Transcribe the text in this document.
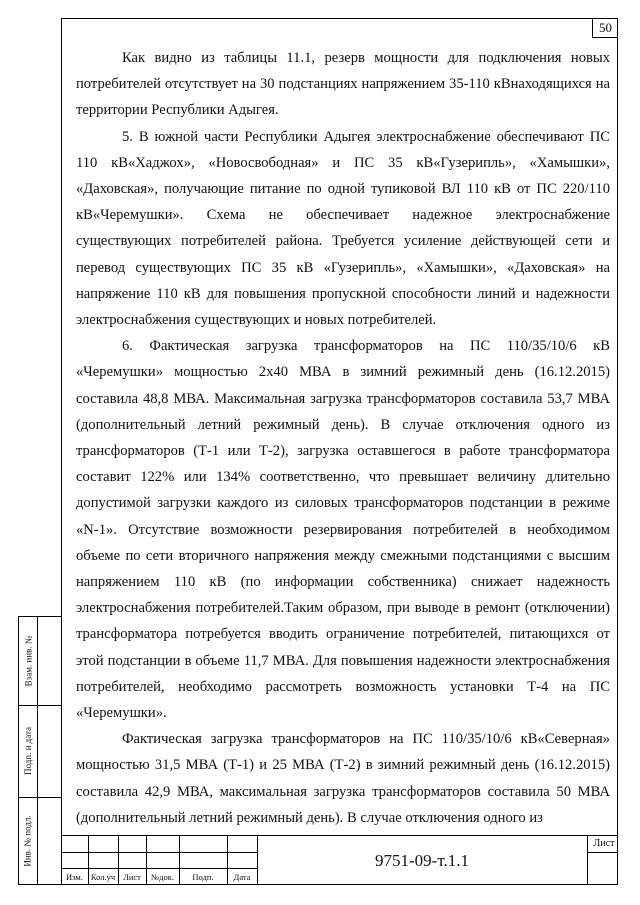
50

Как видно из таблицы 11.1, резерв мощности для подключения новых потребителей отсутствует на 30 подстанциях напряжением 35-110 кВнаходящихся на территории Республики Адыгея.

5. В южной части Республики Адыгея электроснабжение обеспечивают ПС 110 кВ«Хаджох», «Новосвободная» и ПС 35 кВ«Гузерипль», «Хамышки», «Даховская», получающие питание по одной тупиковой ВЛ 110 кВ от ПС 220/110 кВ«Черемушки». Схема не обеспечивает надежное электроснабжение существующих потребителей района. Требуется усиление действующей сети и перевод существующих ПС 35 кВ «Гузерипль», «Хамышки», «Даховская» на напряжение 110 кВ для повышения пропускной способности линий и надежности электроснабжения существующих и новых потребителей.

6. Фактическая загрузка трансформаторов на ПС 110/35/10/6 кВ «Черемушки» мощностью 2х40 МВА в зимний режимный день (16.12.2015) составила 48,8 МВА. Максимальная загрузка трансформаторов составила 53,7 МВА (дополнительный летний режимный день). В случае отключения одного из трансформаторов (Т-1 или Т-2), загрузка оставшегося в работе трансформатора составит 122% или 134% соответственно, что превышает величину длительно допустимой загрузки каждого из силовых трансформаторов подстанции в режиме «N-1». Отсутствие возможности резервирования потребителей в необходимом объеме по сети вторичного напряжения между смежными подстанциями с высшим напряжением 110 кВ (по информации собственника) снижает надежность электроснабжения потребителей.Таким образом, при выводе в ремонт (отключении) трансформатора потребуется вводить ограничение потребителей, питающихся от этой подстанции в объеме 11,7 МВА. Для повышения надежности электроснабжения потребителей, необходимо рассмотреть возможность установки Т-4 на ПС «Черемушки».

Фактическая загрузка трансформаторов на ПС 110/35/10/6 кВ«Северная» мощностью 31,5 МВА (Т-1) и 25 МВА (Т-2) в зимний режимный день (16.12.2015) составила 42,9 МВА, максимальная загрузка трансформаторов составила 50 МВА (дополнительный летний режимный день). В случае отключения одного из

Взам. инв. №
Подп. и дата
Инв. № подл.
Изм. Кол.уч Лист	№док.	Подп.	Дата
9751-09-т.1.1
Лист
